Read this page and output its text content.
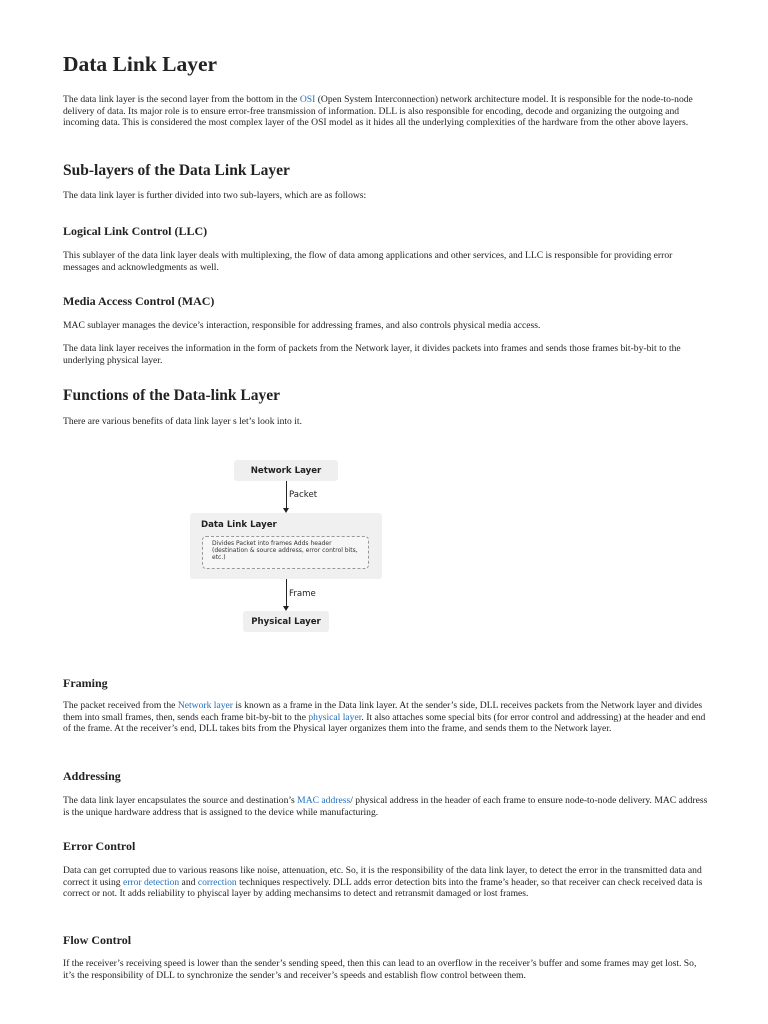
Data Link Layer

The data link layer is the second layer from the bottom in the OSI (Open System Interconnection) network architecture model. It is responsible for the node-to-node delivery of data. Its major role is to ensure error-free transmission of information. DLL is also responsible for encoding, decode and organizing the outgoing and incoming data. This is considered the most complex layer of the OSI model as it hides all the underlying complexities of the hardware from the other above layers.

Sub-layers of the Data Link Layer

The data link layer is further divided into two sub-layers, which are as follows:

Logical Link Control (LLC)

This sublayer of the data link layer deals with multiplexing, the flow of data among applications and other services, and LLC is responsible for providing error messages and acknowledgments as well.

Media Access Control (MAC)

MAC sublayer manages the device’s interaction, responsible for addressing frames, and also controls physical media access.

The data link layer receives the information in the form of packets from the Network layer, it divides packets into frames and sends those frames bit-by-bit to the underlying physical layer.

Functions of the Data-link Layer

There are various benefits of data link layer s let’s look into it.

Framing

The packet received from the Network layer is known as a frame in the Data link layer. At the sender’s side, DLL receives packets from the Network layer and divides them into small frames, then, sends each frame bit-by-bit to the physical layer. It also attaches some special bits (for error control and addressing) at the header and end of the frame. At the receiver’s end, DLL takes bits from the Physical layer organizes them into the frame, and sends them to the Network layer.

Addressing

The data link layer encapsulates the source and destination’s MAC address/ physical address in the header of each frame to ensure node-to-node delivery. MAC address is the unique hardware address that is assigned to the device while manufacturing.

Error Control

Data can get corrupted due to various reasons like noise, attenuation, etc. So, it is the responsibility of the data link layer, to detect the error in the transmitted data and correct it using error detection and correction techniques respectively. DLL adds error detection bits into the frame’s header, so that receiver can check received data is correct or not. It adds reliability to phyiscal layer by adding mechansims to detect and retransmit damaged or lost frames.

Flow Control

If the receiver’s receiving speed is lower than the sender’s sending speed, then this can lead to an overflow in the receiver’s buffer and some frames may get lost. So, it’s the responsibility of DLL to synchronize the sender’s and receiver’s speeds and establish flow control between them.

Network Layer
Packet
Data Link Layer
Divides Packet into frames Adds header
(destination & source address, error control bits,
etc.)
Frame
Physical Layer
